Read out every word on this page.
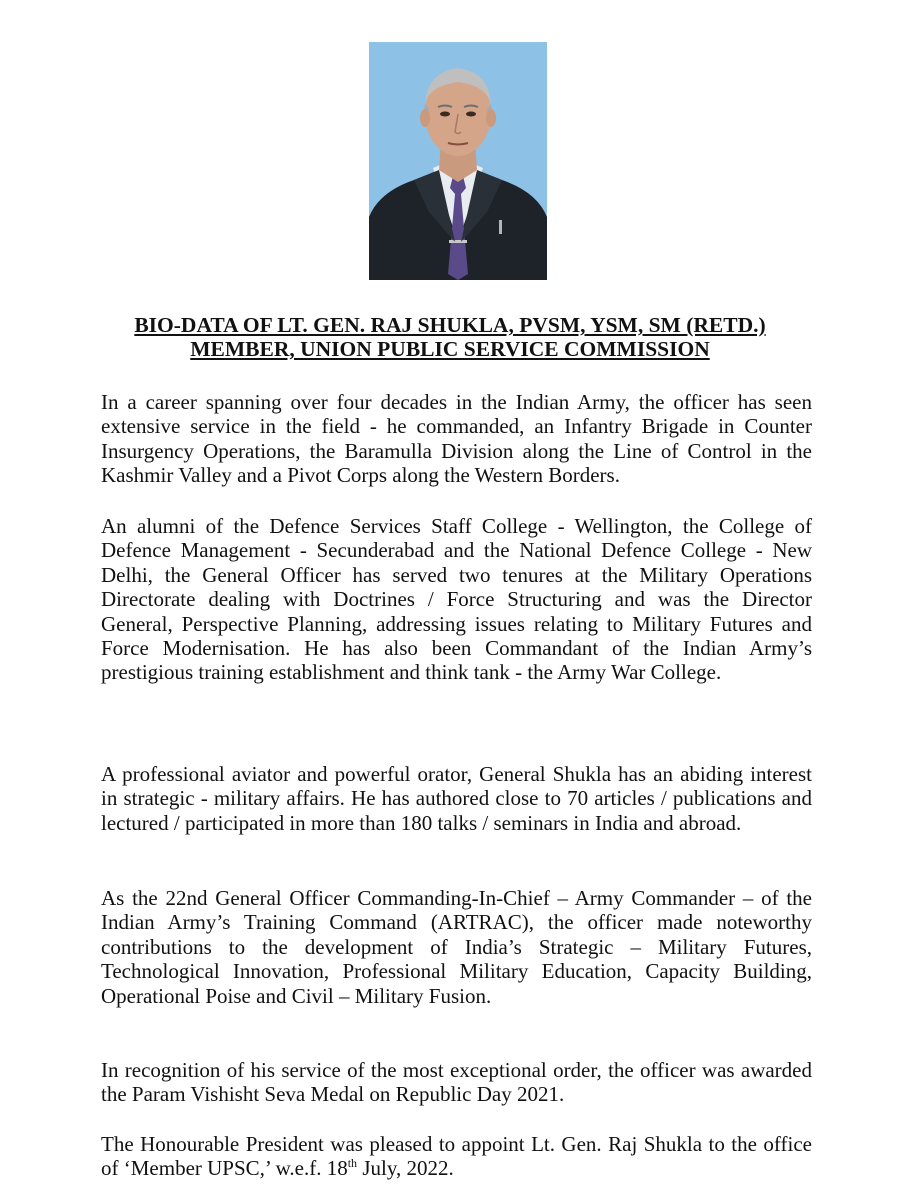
BIO-DATA OF LT. GEN. RAJ SHUKLA, PVSM, YSM, SM (RETD.)
MEMBER, UNION PUBLIC SERVICE COMMISSION

In a career spanning over four decades in the Indian Army, the officer has seen extensive service in the field - he commanded, an Infantry Brigade in Counter Insurgency Operations, the Baramulla Division along the Line of Control in the Kashmir Valley and a Pivot Corps along the Western Borders.

An alumni of the Defence Services Staff College - Wellington, the College of Defence Management - Secunderabad and the National Defence College - New Delhi, the General Officer has served two tenures at the Military Operations Directorate dealing with Doctrines / Force Structuring and was the Director General, Perspective Planning, addressing issues relating to Military Futures and Force Modernisation. He has also been Commandant of the Indian Army’s prestigious training establishment and think tank - the Army War College.

A professional aviator and powerful orator, General Shukla has an abiding interest in strategic - military affairs. He has authored close to 70 articles / publications and lectured / participated in more than 180 talks / seminars in India and abroad.

As the 22nd General Officer Commanding-In-Chief – Army Commander – of the Indian Army’s Training Command (ARTRAC), the officer made noteworthy contributions to the development of India’s Strategic – Military Futures, Technological Innovation, Professional Military Education, Capacity Building, Operational Poise and Civil – Military Fusion.

In recognition of his service of the most exceptional order, the officer was awarded the Param Vishisht Seva Medal on Republic Day 2021.

The Honourable President was pleased to appoint Lt. Gen. Raj Shukla to the office of ‘Member UPSC,’ w.e.f. 18th July, 2022.
